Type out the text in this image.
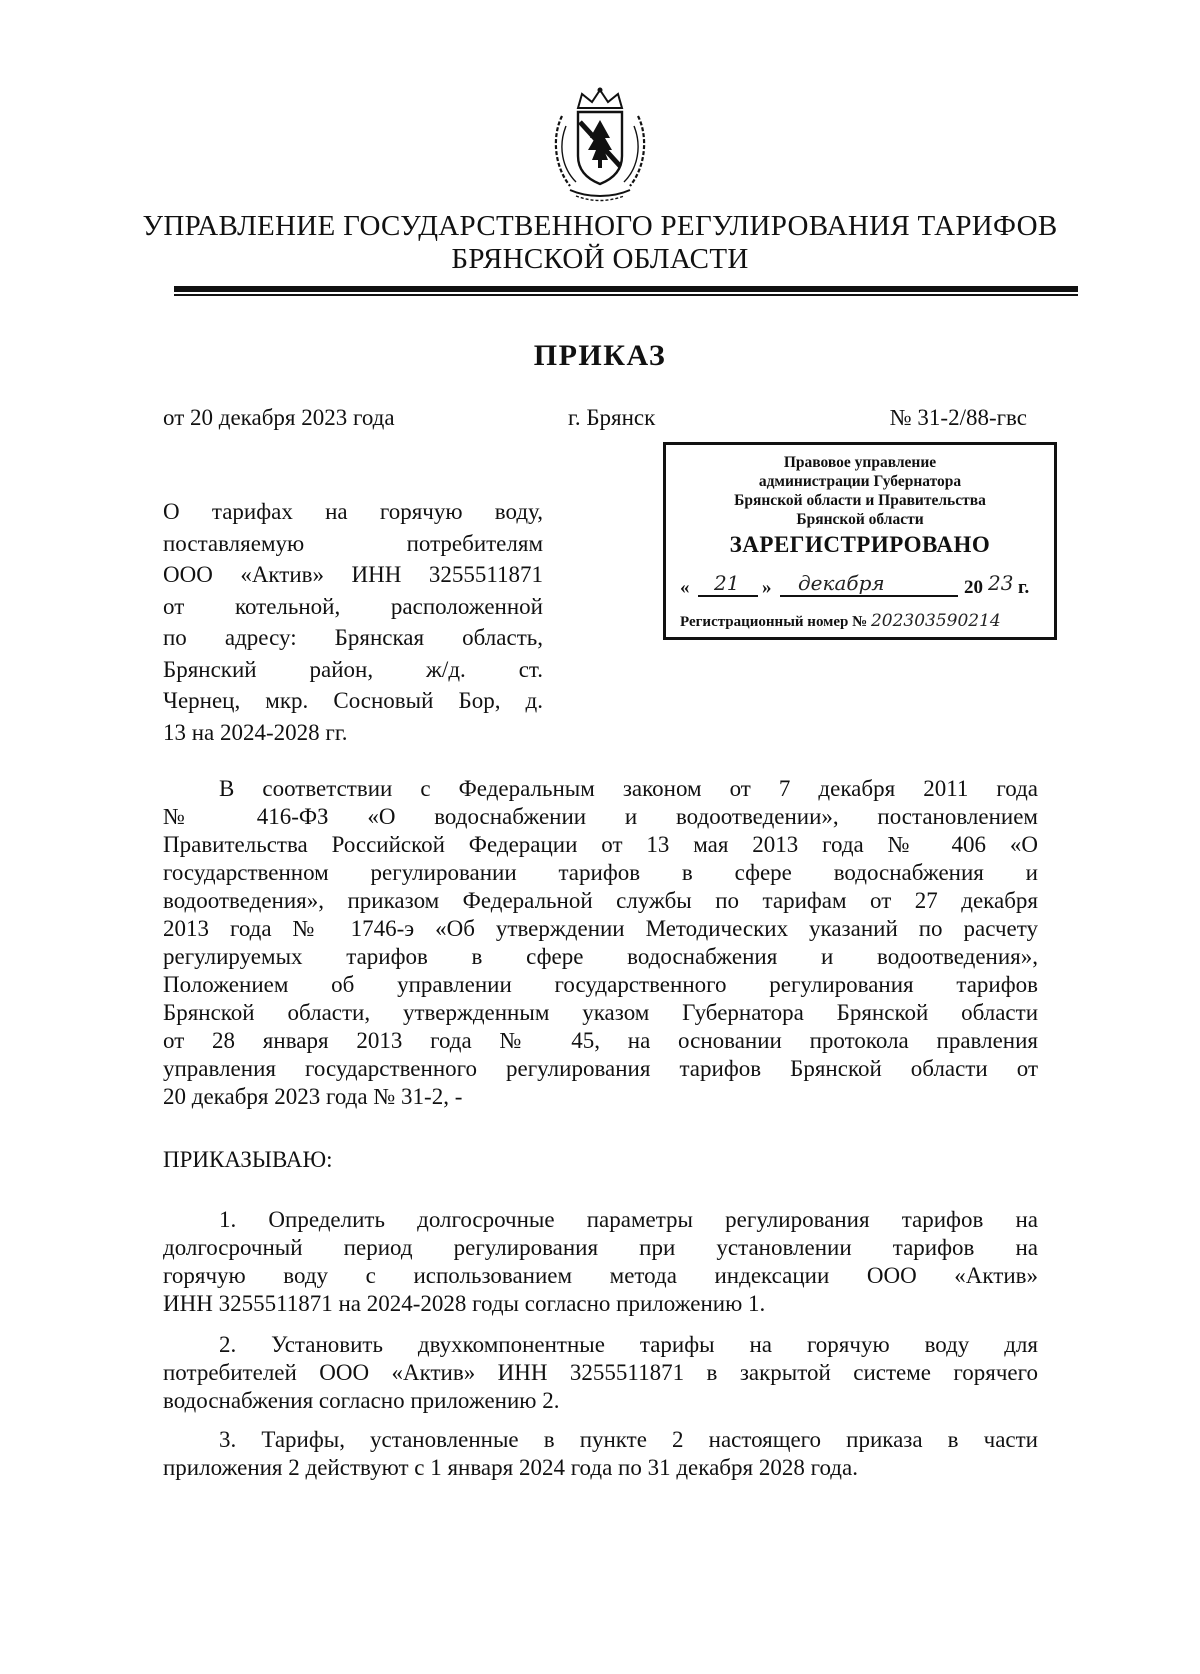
УПРАВЛЕНИЕ ГОСУДАРСТВЕННОГО РЕГУЛИРОВАНИЯ ТАРИФОВ
БРЯНСКОЙ ОБЛАСТИ
ПРИКАЗ
от 20 декабря 2023 года	г. Брянск	№ 31-2/88-гвс
Правовое управление
администрации Губернатора
Брянской области и Правительства
Брянской области
ЗАРЕГИСТРИРОВАНО
« 21 » декабря	20 23 г.
Регистрационный номер № 202303590214
О тарифах на горячую воду,
поставляемую потребителям
ООО «Актив» ИНН 3255511871
от котельной, расположенной
по адресу: Брянская область,
Брянский район, ж/д. ст.
Чернец, мкр. Сосновый Бор, д.
13 на 2024-2028 гг.
В соответствии с Федеральным законом от 7 декабря 2011 года
№ 416-ФЗ «О водоснабжении и водоотведении», постановлением
Правительства Российской Федерации от 13 мая 2013 года № 406 «О
государственном регулировании тарифов в сфере водоснабжения и
водоотведения», приказом Федеральной службы по тарифам от 27 декабря
2013 года № 1746-э «Об утверждении Методических указаний по расчету
регулируемых тарифов в сфере водоснабжения и водоотведения»,
Положением об управлении государственного регулирования тарифов
Брянской области, утвержденным указом Губернатора Брянской области
от 28 января 2013 года № 45, на основании протокола правления
управления государственного регулирования тарифов Брянской области от
20 декабря 2023 года № 31-2, -
ПРИКАЗЫВАЮ:
1. Определить долгосрочные параметры регулирования тарифов на
долгосрочный период регулирования при установлении тарифов на
горячую воду с использованием метода индексации ООО «Актив»
ИНН 3255511871 на 2024-2028 годы согласно приложению 1.
2. Установить двухкомпонентные тарифы на горячую воду для
потребителей ООО «Актив» ИНН 3255511871 в закрытой системе горячего
водоснабжения согласно приложению 2.
3. Тарифы, установленные в пункте 2 настоящего приказа в части
приложения 2 действуют с 1 января 2024 года по 31 декабря 2028 года.
